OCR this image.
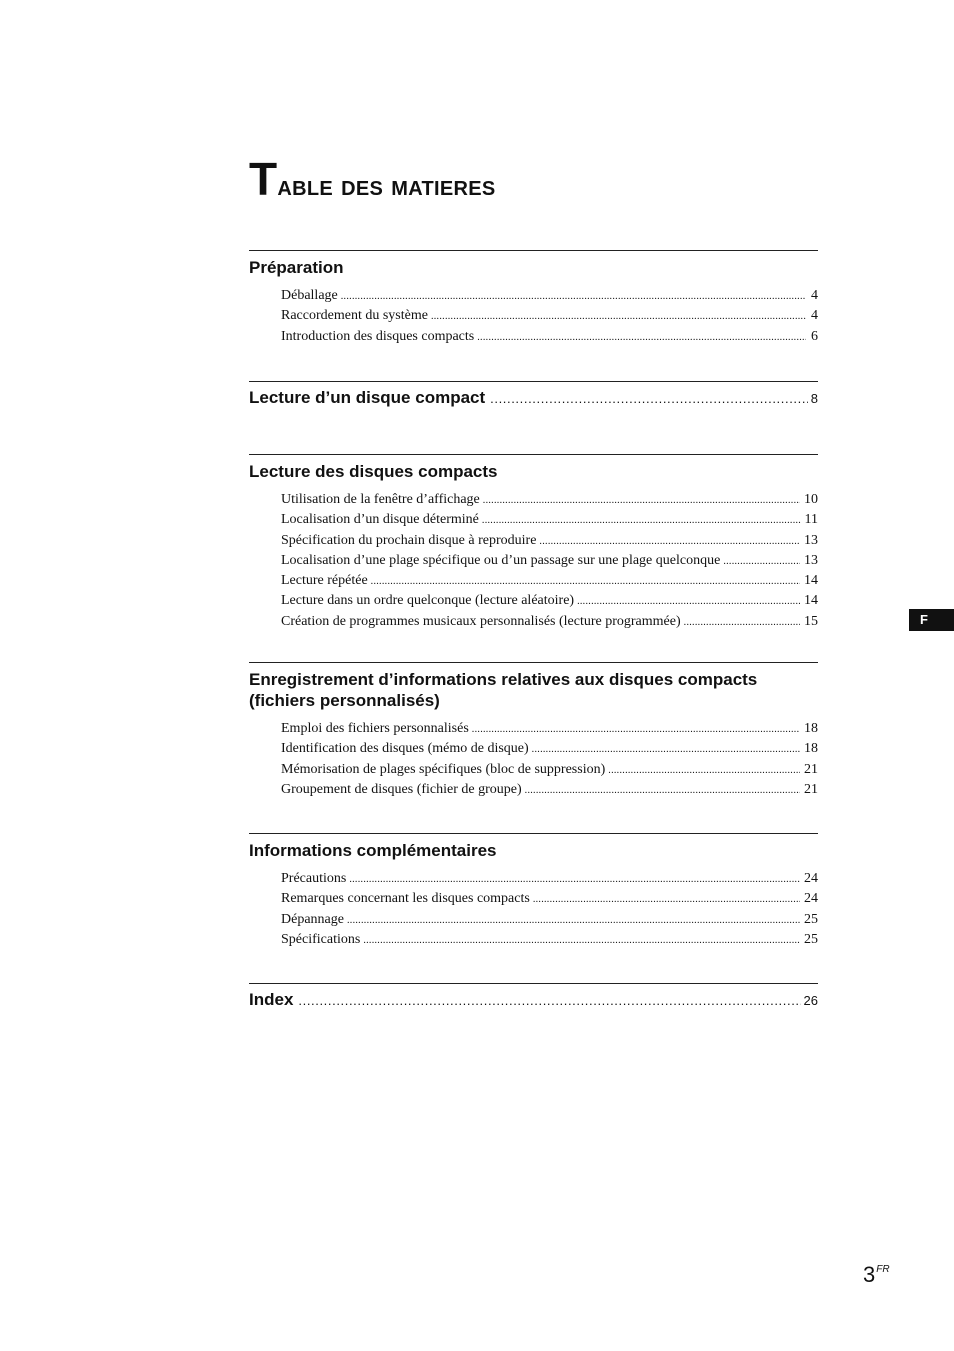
Table des matieres
Préparation
Déballage .....	4
Raccordement du système .....	4
Introduction des disques compacts .....	6
Lecture d’un disque compact .....	8
Lecture des disques compacts
Utilisation de la fenêtre d’affichage .....	10
Localisation d’un disque déterminé .....	11
Spécification du prochain disque à reproduire .....	13
Localisation d’une plage spécifique ou d’un passage sur une plage quelconque .....	13
Lecture répétée .....	14
Lecture dans un ordre quelconque (lecture aléatoire) .....	14
Création de programmes musicaux personnalisés (lecture programmée) .....	15
Enregistrement d’informations relatives aux disques compacts
(fichiers personnalisés)
Emploi des fichiers personnalisés .....	18
Identification des disques (mémo de disque) .....	18
Mémorisation de plages spécifiques (bloc de suppression) .....	21
Groupement de disques (fichier de groupe) .....	21
Informations complémentaires
Précautions .....	24
Remarques concernant les disques compacts .....	24
Dépannage .....	25
Spécifications .....	25
Index .....	26
F
$3^{FR}$
